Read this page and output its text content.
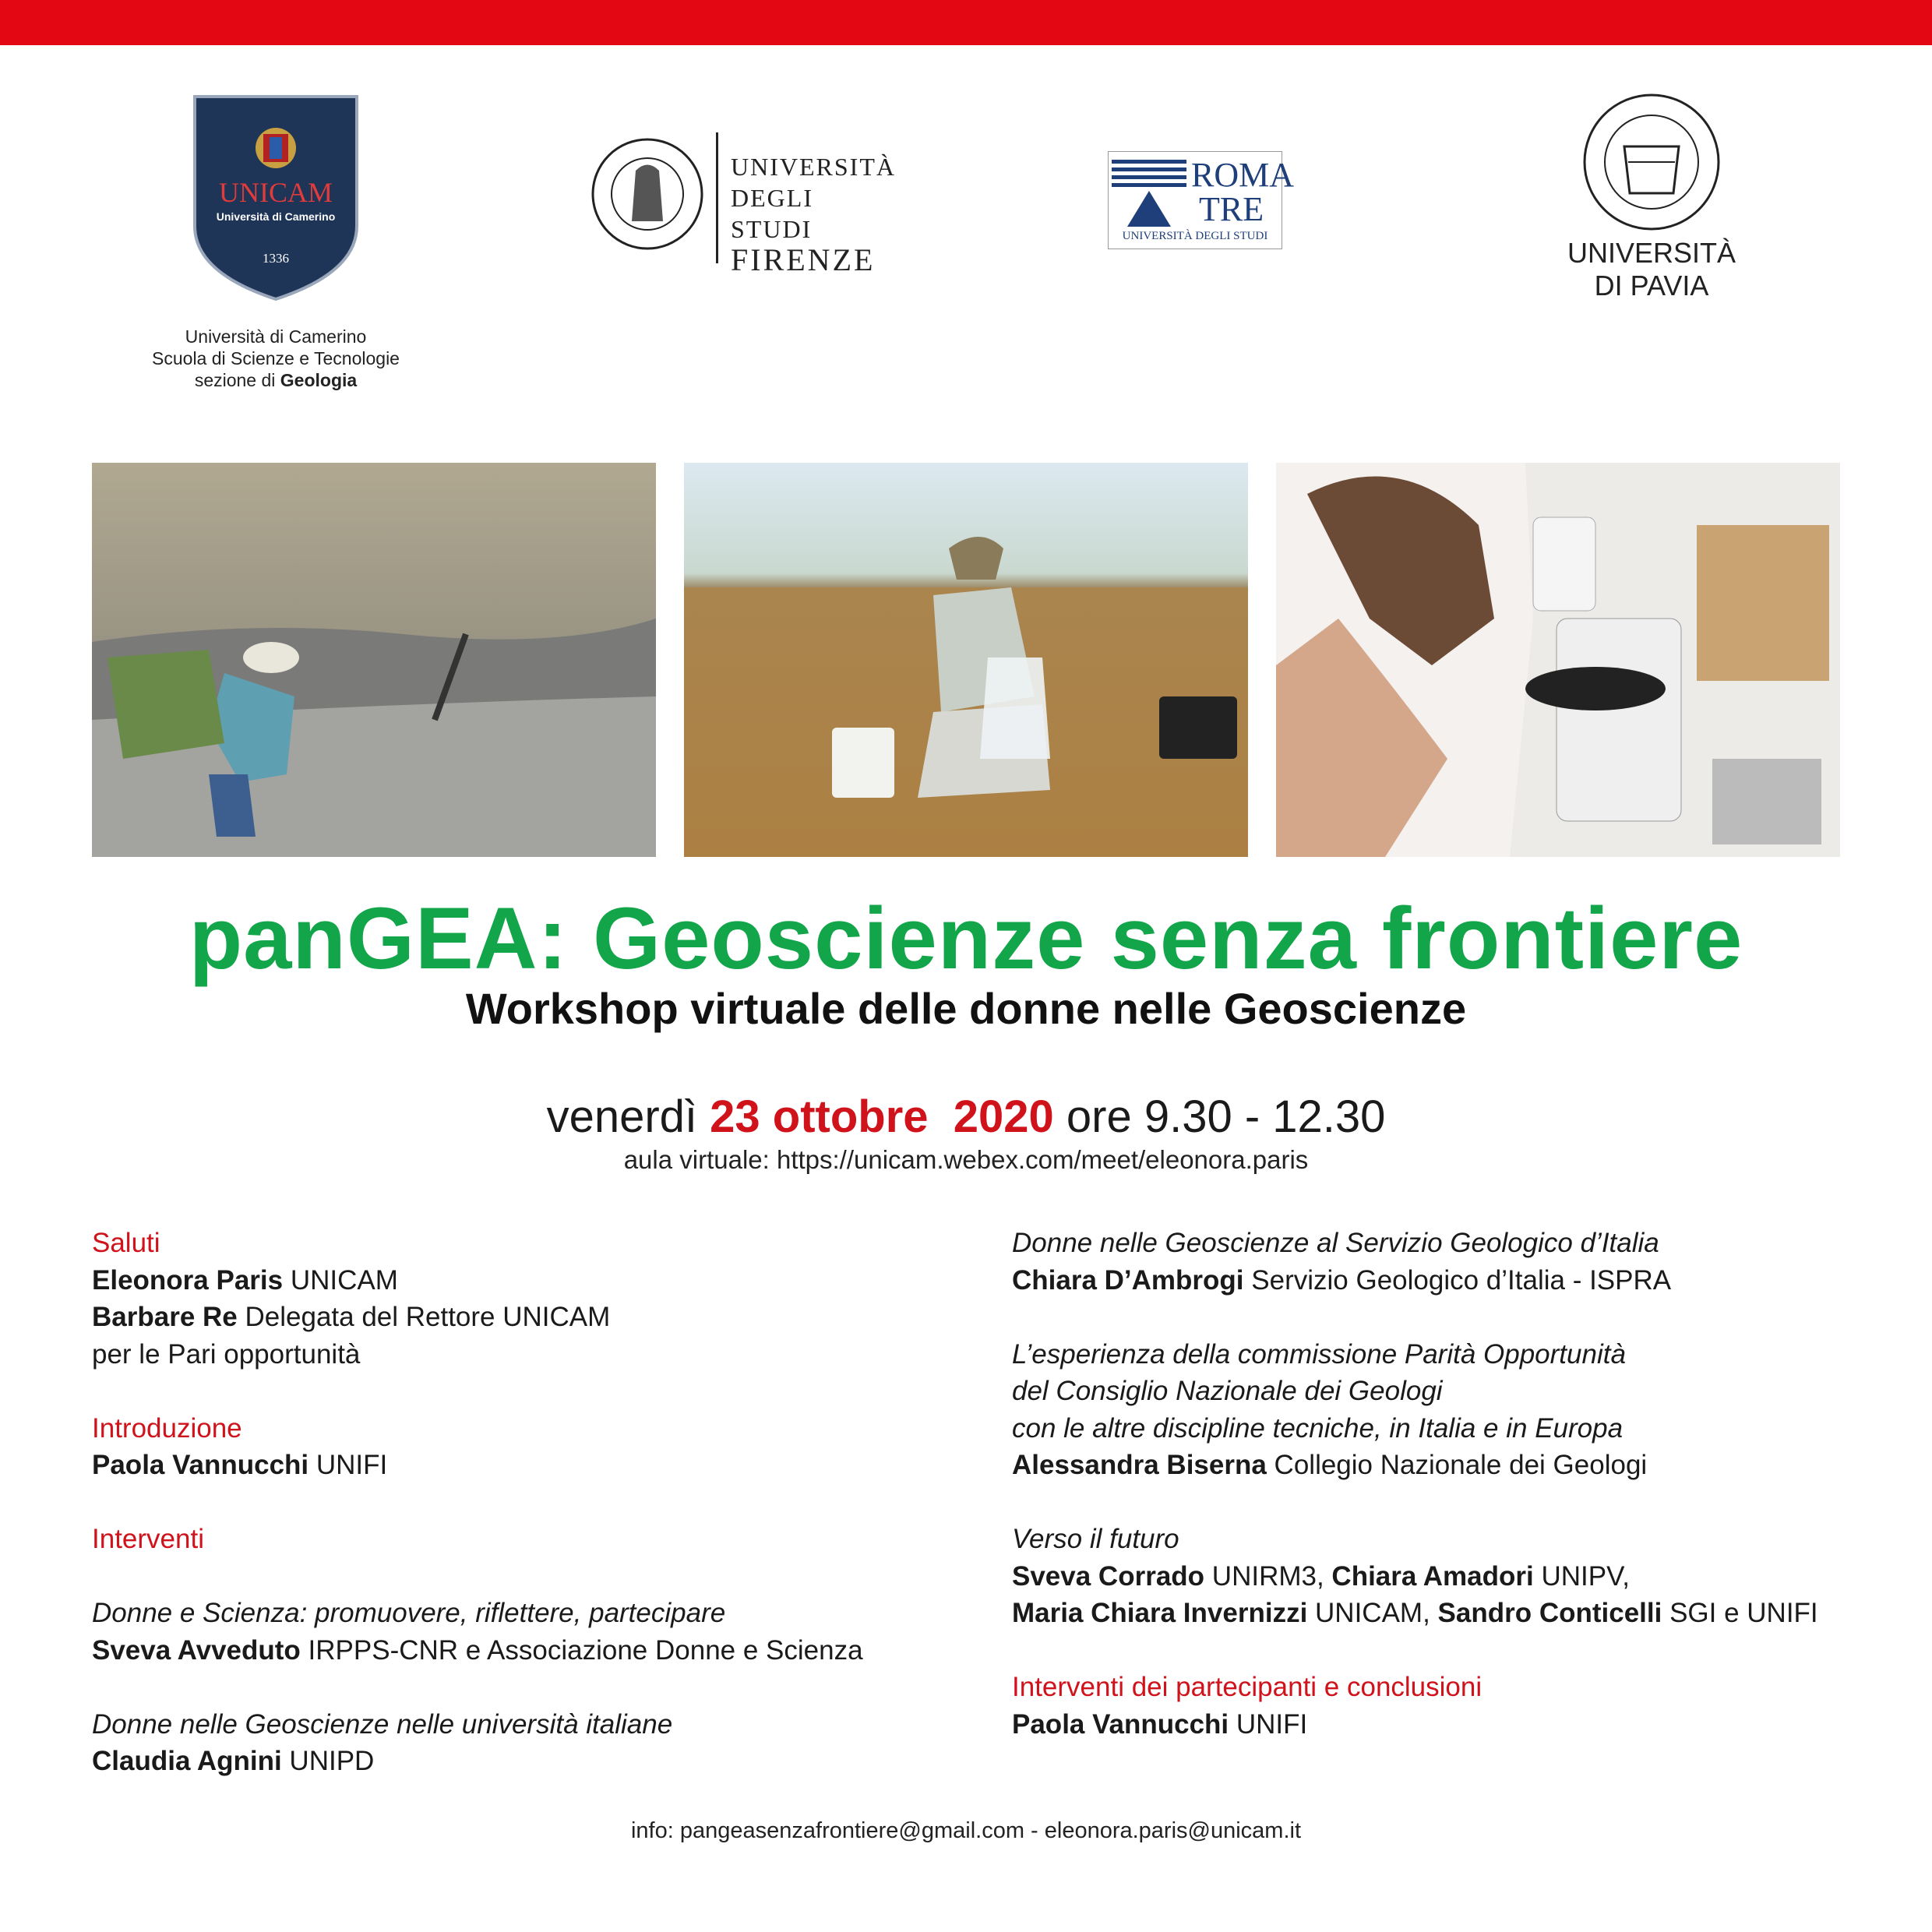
UNICAM
Università di Camerino
1336
Università di Camerino
Scuola di Scienze e Tecnologie
sezione di Geologia
UNIVERSITÀ
DEGLI STUDI
FIRENZE
ROMA
TRE
UNIVERSITÀ DEGLI STUDI
UNIVERSITÀ
DI PAVIA
panGEA: Geoscienze senza frontiere
Workshop virtuale delle donne nelle Geoscienze
venerdì 23 ottobre  2020 ore 9.30 - 12.30
aula virtuale: https://unicam.webex.com/meet/eleonora.paris
Saluti
Eleonora Paris UNICAM
Barbare Re Delegata del Rettore UNICAM
per le Pari opportunità
Introduzione
Paola Vannucchi UNIFI
Interventi
Donne e Scienza: promuovere, riflettere, partecipare
Sveva Avveduto IRPPS-CNR e Associazione Donne e Scienza
Donne nelle Geoscienze nelle università italiane
Claudia Agnini UNIPD
Donne nelle Geoscienze al Servizio Geologico d’Italia
Chiara D’Ambrogi Servizio Geologico d’Italia - ISPRA
L’esperienza della commissione Parità Opportunità
del Consiglio Nazionale dei Geologi
con le altre discipline tecniche, in Italia e in Europa
Alessandra Biserna Collegio Nazionale dei Geologi
Verso il futuro
Sveva Corrado UNIRM3, Chiara Amadori UNIPV,
Maria Chiara Invernizzi UNICAM, Sandro Conticelli SGI e UNIFI
Interventi dei partecipanti e conclusioni
Paola Vannucchi UNIFI
info: pangeasenzafrontiere@gmail.com - eleonora.paris@unicam.it
